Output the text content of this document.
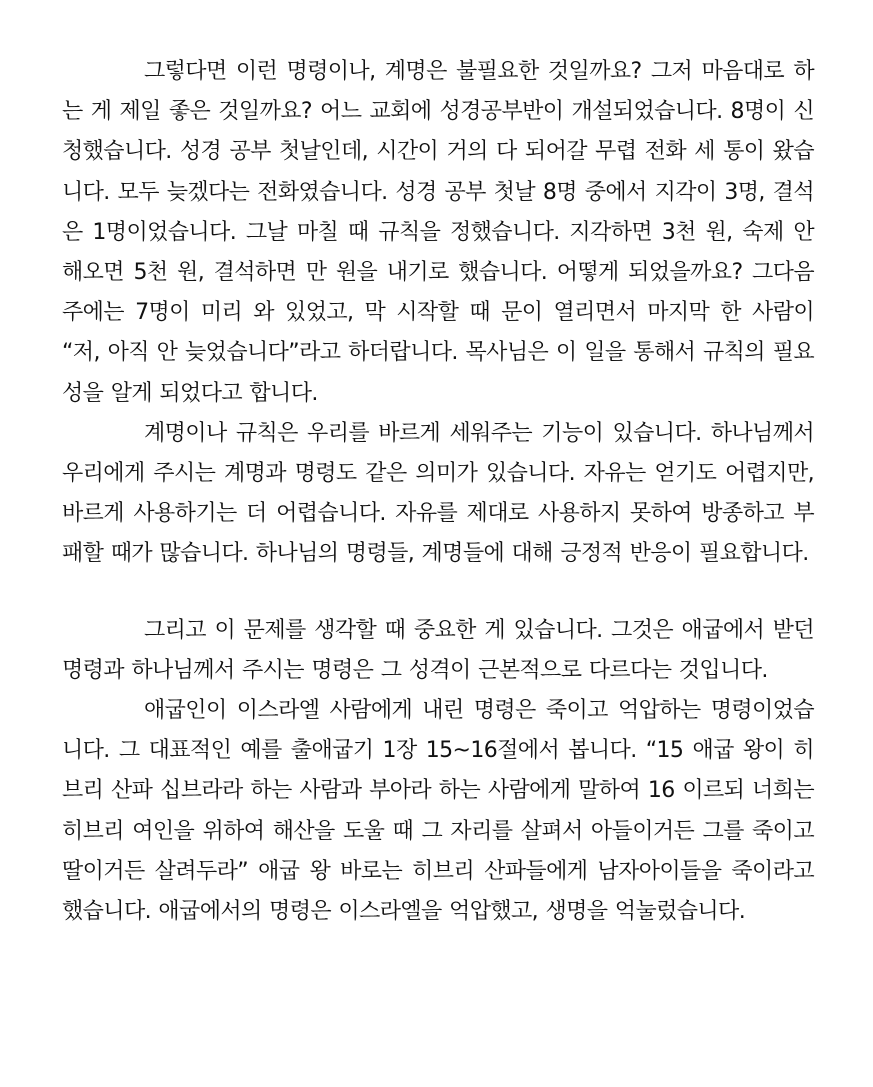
그렇다면 이런 명령이나, 계명은 불필요한 것일까요? 그저 마음대로 하는 게 제일 좋은 것일까요? 어느 교회에 성경공부반이 개설되었습니다. 8명이 신청했습니다. 성경 공부 첫날인데, 시간이 거의 다 되어갈 무렵 전화 세 통이 왔습니다. 모두 늦겠다는 전화였습니다. 성경 공부 첫날 8명 중에서 지각이 3명, 결석은 1명이었습니다. 그날 마칠 때 규칙을 정했습니다. 지각하면 3천 원, 숙제 안 해오면 5천 원, 결석하면 만 원을 내기로 했습니다. 어떻게 되었을까요? 그다음 주에는 7명이 미리 와 있었고, 막 시작할 때 문이 열리면서 마지막 한 사람이 “저, 아직 안 늦었습니다”라고 하더랍니다. 목사님은 이 일을 통해서 규칙의 필요성을 알게 되었다고 합니다.

계명이나 규칙은 우리를 바르게 세워주는 기능이 있습니다. 하나님께서 우리에게 주시는 계명과 명령도 같은 의미가 있습니다. 자유는 얻기도 어렵지만, 바르게 사용하기는 더 어렵습니다. 자유를 제대로 사용하지 못하여 방종하고 부패할 때가 많습니다. 하나님의 명령들, 계명들에 대해 긍정적 반응이 필요합니다.

그리고 이 문제를 생각할 때 중요한 게 있습니다. 그것은 애굽에서 받던 명령과 하나님께서 주시는 명령은 그 성격이 근본적으로 다르다는 것입니다.

애굽인이 이스라엘 사람에게 내린 명령은 죽이고 억압하는 명령이었습니다. 그 대표적인 예를 출애굽기 1장 15~16절에서 봅니다. “15 애굽 왕이 히브리 산파 십브라라 하는 사람과 부아라 하는 사람에게 말하여 16 이르되 너희는 히브리 여인을 위하여 해산을 도울 때 그 자리를 살펴서 아들이거든 그를 죽이고 딸이거든 살려두라” 애굽 왕 바로는 히브리 산파들에게 남자아이들을 죽이라고 했습니다. 애굽에서의 명령은 이스라엘을 억압했고, 생명을 억눌렀습니다.
